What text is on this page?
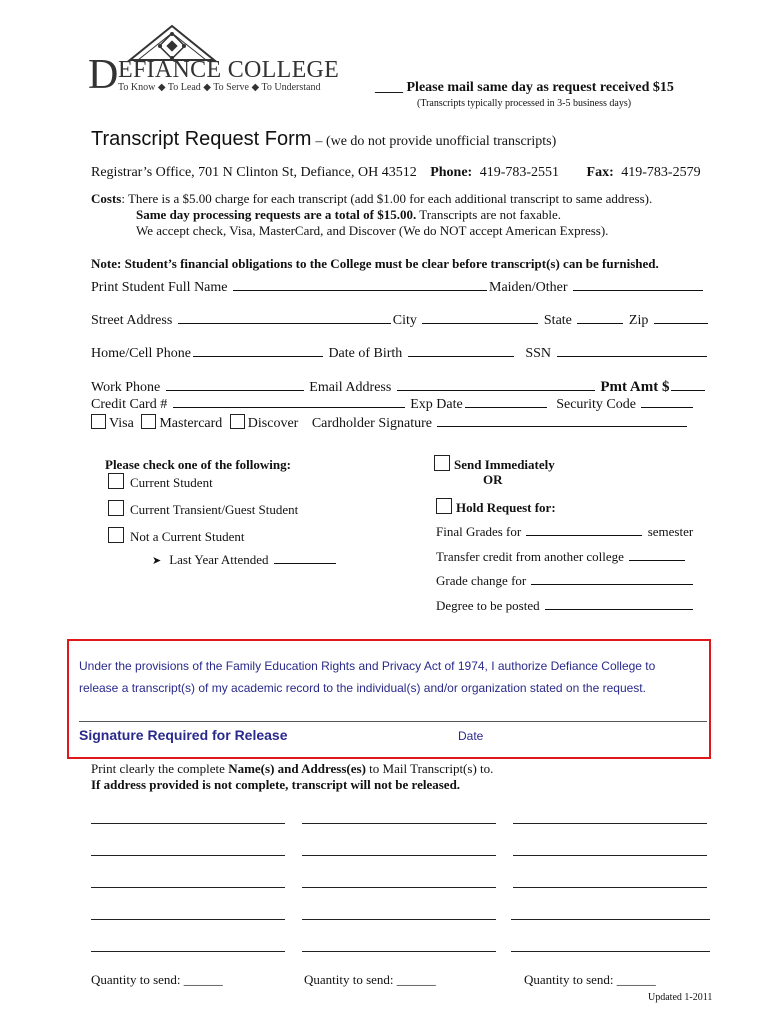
D EFIANCE COLLEGE
To Know ◆ To Lead ◆ To Serve ◆ To Understand	____ Please mail same day as request received $15
(Transcripts typically processed in 3-5 business days)
Transcript Request Form – (we do not provide unofficial transcripts)
Registrar’s Office, 701 N Clinton St, Defiance, OH 43512 Phone: 419-783-2551 Fax: 419-783-2579
Costs: There is a $5.00 charge for each transcript (add $1.00 for each additional transcript to same address).
Same day processing requests are a total of $15.00. Transcripts are not faxable.
We accept check, Visa, MasterCard, and Discover (We do NOT accept American Express).
Note: Student’s financial obligations to the College must be clear before transcript(s) can be furnished.
Print Student Full Name	Maiden/Other
Street Address	City	State	Zip
Home/Cell Phone	Date of Birth	SSN
Work Phone	Email Address	Pmt Amt $
Credit Card #	Exp Date	Security Code
Visa Mastercard Discover Cardholder Signature
Please check one of the following:
Current Student
Current Transient/Guest Student
Not a Current Student
➤ Last Year Attended
Send Immediately
OR
Hold Request for:
Final Grades for	semester
Transfer credit from another college
Grade change for
Degree to be posted
Under the provisions of the Family Education Rights and Privacy Act of 1974, I authorize Defiance College to
release a transcript(s) of my academic record to the individual(s) and/or organization stated on the request.
Signature Required for Release	Date
Print clearly the complete Name(s) and Address(es) to Mail Transcript(s) to.
If address provided is not complete, transcript will not be released.
Quantity to send: ______	Quantity to send: ______	Quantity to send: ______
Updated 1-2011
